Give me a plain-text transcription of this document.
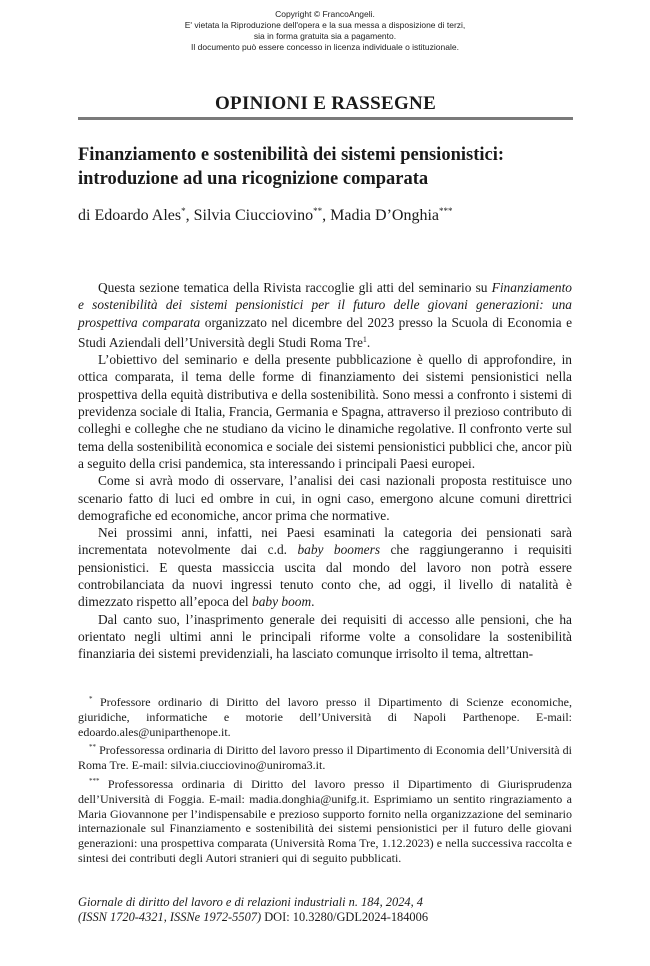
Copyright © FrancoAngeli.
E' vietata la Riproduzione dell'opera e la sua messa a disposizione di terzi,
sia in forma gratuita sia a pagamento.
Il documento può essere concesso in licenza individuale o istituzionale.
OPINIONI E RASSEGNE
Finanziamento e sostenibilità dei sistemi pensionistici:
introduzione ad una ricognizione comparata
di Edoardo Ales*, Silvia Ciucciovino**, Madia D’Onghia***

Questa sezione tematica della Rivista raccoglie gli atti del seminario su Finanziamento e sostenibilità dei sistemi pensionistici per il futuro delle giovani generazioni: una prospettiva comparata organizzato nel dicembre del 2023 presso la Scuola di Economia e Studi Aziendali dell’Università degli Studi Roma Tre$^1$.

L’obiettivo del seminario e della presente pubblicazione è quello di approfondire, in ottica comparata, il tema delle forme di finanziamento dei sistemi pensionistici nella prospettiva della equità distributiva e della sostenibilità. Sono messi a confronto i sistemi di previdenza sociale di Italia, Francia, Germania e Spagna, attraverso il prezioso contributo di colleghi e colleghe che ne studiano da vicino le dinamiche regolative. Il confronto verte sul tema della sostenibilità economica e sociale dei sistemi pensionistici pubblici che, ancor più a seguito della crisi pandemica, sta interessando i principali Paesi europei.

Come si avrà modo di osservare, l’analisi dei casi nazionali proposta restituisce uno scenario fatto di luci ed ombre in cui, in ogni caso, emergono alcune comuni direttrici demografiche ed economiche, ancor prima che normative.

Nei prossimi anni, infatti, nei Paesi esaminati la categoria dei pensionati sarà incrementata notevolmente dai c.d. baby boomers che raggiungeranno i requisiti pensionistici. E questa massiccia uscita dal mondo del lavoro non potrà essere controbilanciata da nuovi ingressi tenuto conto che, ad oggi, il livello di natalità è dimezzato rispetto all’epoca del baby boom.

Dal canto suo, l’inasprimento generale dei requisiti di accesso alle pensioni, che ha orientato negli ultimi anni le principali riforme volte a consolidare la sostenibilità finanziaria dei sistemi previdenziali, ha lasciato comunque irrisolto il tema, altrettan-

* Professore ordinario di Diritto del lavoro presso il Dipartimento di Scienze economiche, giuridiche, informatiche e motorie dell’Università di Napoli Parthenope. E-mail: edoardo.ales@uniparthenope.it.

** Professoressa ordinaria di Diritto del lavoro presso il Dipartimento di Economia dell’Università di Roma Tre. E-mail: silvia.ciucciovino@uniroma3.it.

*** Professoressa ordinaria di Diritto del lavoro presso il Dipartimento di Giurisprudenza dell’Università di Foggia. E-mail: madia.donghia@unifg.it. Esprimiamo un sentito ringraziamento a Maria Giovannone per l’indispensabile e prezioso supporto fornito nella organizzazione del seminario internazionale sul Finanziamento e sostenibilità dei sistemi pensionistici per il futuro delle giovani generazioni: una prospettiva comparata (Università Roma Tre, 1.12.2023) e nella successiva raccolta e sintesi dei contributi degli Autori stranieri qui di seguito pubblicati.

Giornale di diritto del lavoro e di relazioni industriali n. 184, 2024, 4
(ISSN 1720-4321, ISSNe 1972-5507) DOI: 10.3280/GDL2024-184006
